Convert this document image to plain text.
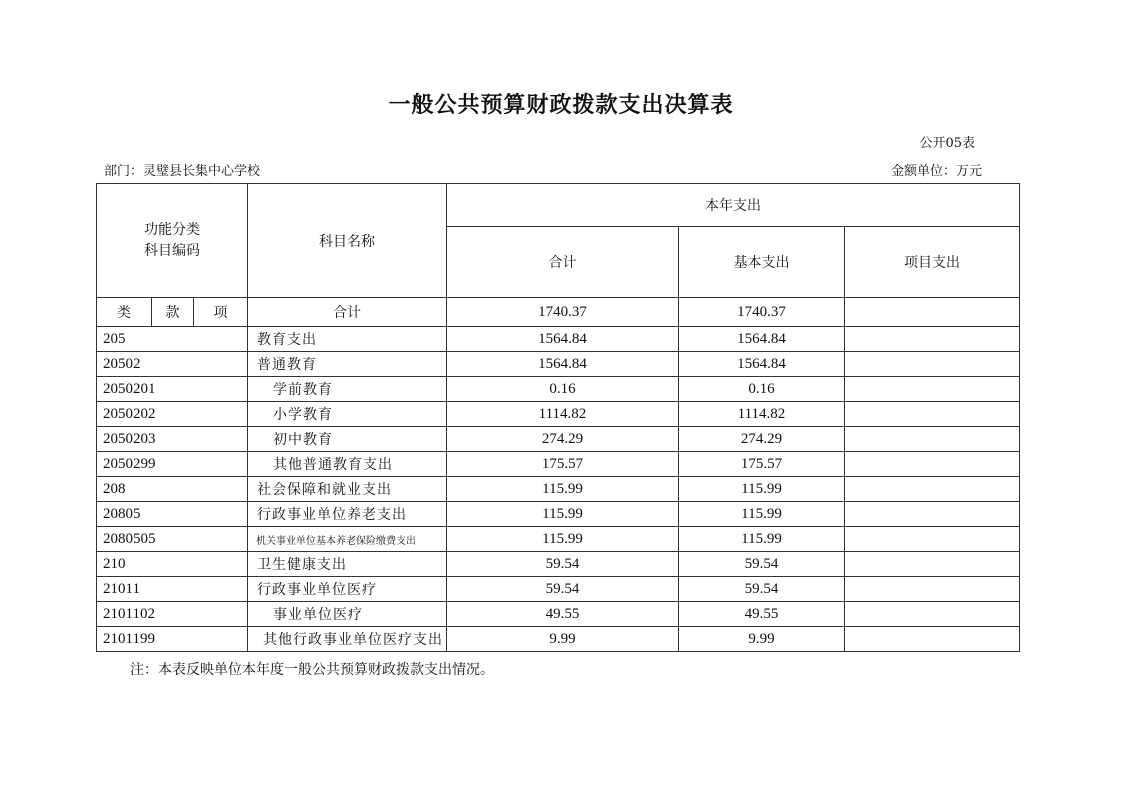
一般公共预算财政拨款支出决算表
公开05表
部门：灵璧县长集中心学校	金额单位：万元
功能分类
科目编码			科目名称	本年支出		
				合计	基本支出	项目支出
类	款	项	合计	1740.37	1740.37	
205			教育支出	1564.84	1564.84	
20502			普通教育	1564.84	1564.84	
2050201			学前教育	0.16	0.16	
2050202			小学教育	1114.82	1114.82	
2050203			初中教育	274.29	274.29	
2050299			其他普通教育支出	175.57	175.57	
208			社会保障和就业支出	115.99	115.99	
20805			行政事业单位养老支出	115.99	115.99	
2080505			机关事业单位基本养老保险缴费支出	115.99	115.99	
210			卫生健康支出	59.54	59.54	
21011			行政事业单位医疗	59.54	59.54	
2101102			事业单位医疗	49.55	49.55	
2101199			其他行政事业单位医疗支出	9.99	9.99	
注：本表反映单位本年度一般公共预算财政拨款支出情况。
